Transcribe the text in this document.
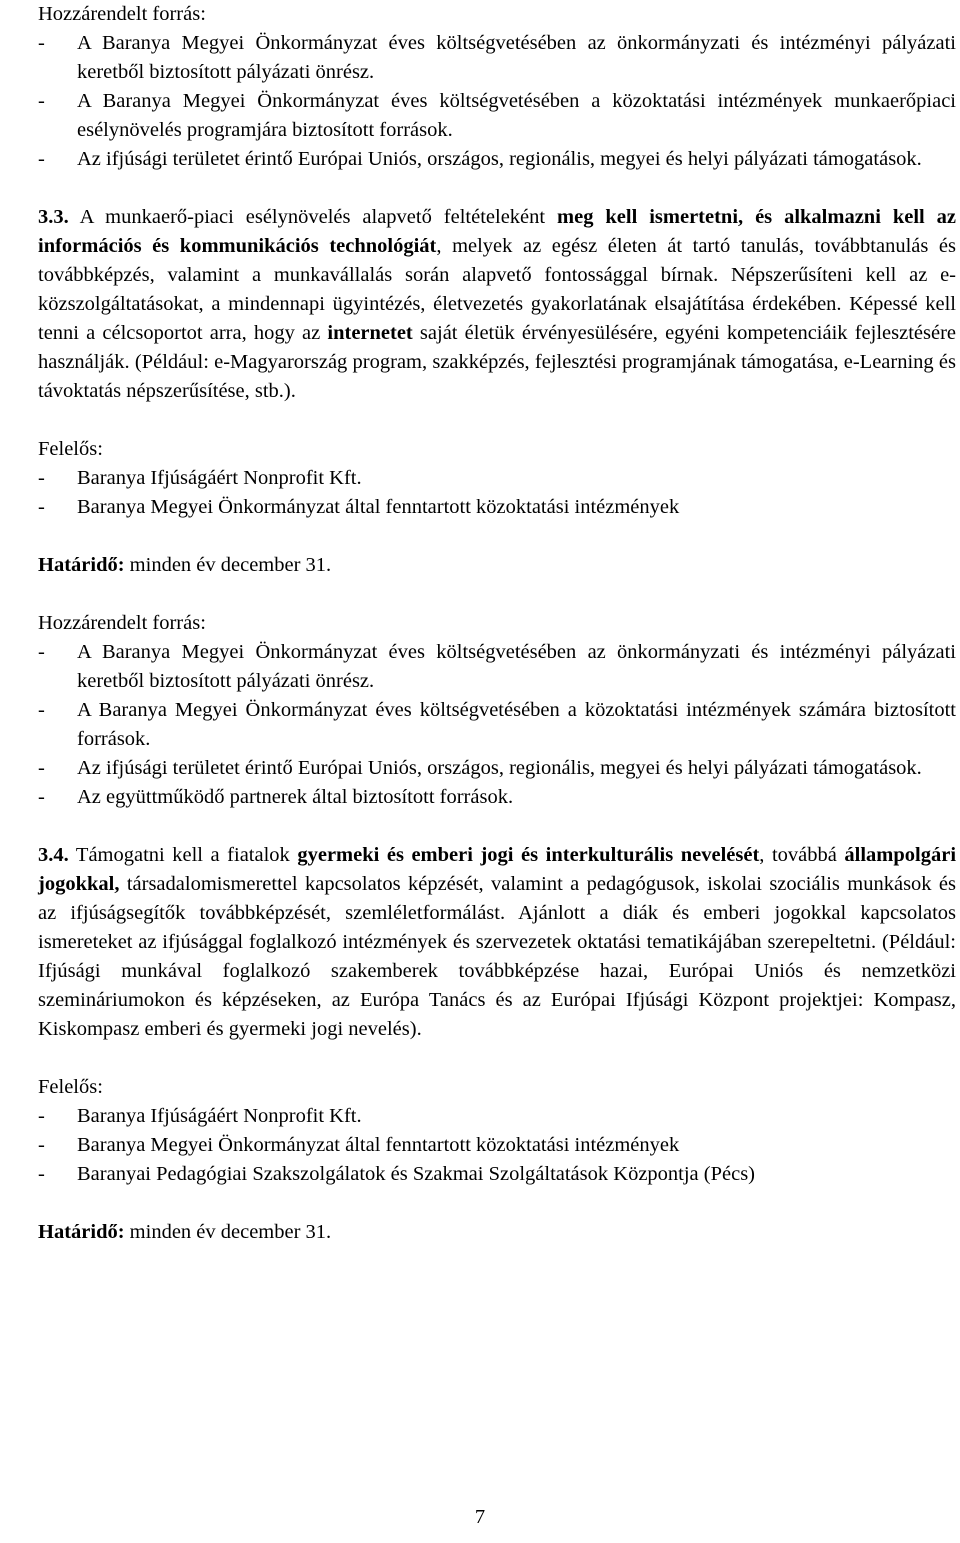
Hozzárendelt forrás:
-	A Baranya Megyei Önkormányzat éves költségvetésében az önkormányzati és intézményi pályázati keretből biztosított pályázati önrész.
-	A Baranya Megyei Önkormányzat éves költségvetésében a közoktatási intézmények munkaerőpiaci esélynövelés programjára biztosított források.
-	Az ifjúsági területet érintő Európai Uniós, országos, regionális, megyei és helyi pályázati támogatások.
3.3. A munkaerő-piaci esélynövelés alapvető feltételeként meg kell ismertetni, és alkalmazni kell az információs és kommunikációs technológiát, melyek az egész életen át tartó tanulás, továbbtanulás és továbbképzés, valamint a munkavállalás során alapvető fontossággal bírnak. Népszerűsíteni kell az e-közszolgáltatásokat, a mindennapi ügyintézés, életvezetés gyakorlatának elsajátítása érdekében. Képessé kell tenni a célcsoportot arra, hogy az internetet saját életük érvényesülésére, egyéni kompetenciáik fejlesztésére használják. (Például: e-Magyarország program, szakképzés, fejlesztési programjának támogatása, e-Learning és távoktatás népszerűsítése, stb.).
Felelős:
-	Baranya Ifjúságáért Nonprofit Kft.
-	Baranya Megyei Önkormányzat által fenntartott közoktatási intézmények
Határidő: minden év december 31.
Hozzárendelt forrás:
-	A Baranya Megyei Önkormányzat éves költségvetésében az önkormányzati és intézményi pályázati keretből biztosított pályázati önrész.
-	A Baranya Megyei Önkormányzat éves költségvetésében a közoktatási intézmények számára biztosított források.
-	Az ifjúsági területet érintő Európai Uniós, országos, regionális, megyei és helyi pályázati támogatások.
-	Az együttműködő partnerek által biztosított források.
3.4. Támogatni kell a fiatalok gyermeki és emberi jogi és interkulturális nevelését, továbbá állampolgári jogokkal, társadalomismerettel kapcsolatos képzését, valamint a pedagógusok, iskolai szociális munkások és az ifjúságsegítők továbbképzését, szemléletformálást. Ajánlott a diák és emberi jogokkal kapcsolatos ismereteket az ifjúsággal foglalkozó intézmények és szervezetek oktatási tematikájában szerepeltetni. (Például: Ifjúsági munkával foglalkozó szakemberek továbbképzése hazai, Európai Uniós és nemzetközi szemináriumokon és képzéseken, az Európa Tanács és az Európai Ifjúsági Központ projektjei: Kompasz, Kiskompasz emberi és gyermeki jogi nevelés).
Felelős:
-	Baranya Ifjúságáért Nonprofit Kft.
-	Baranya Megyei Önkormányzat által fenntartott közoktatási intézmények
-	Baranyai Pedagógiai Szakszolgálatok és Szakmai Szolgáltatások Központja (Pécs)
Határidő: minden év december 31.
7
